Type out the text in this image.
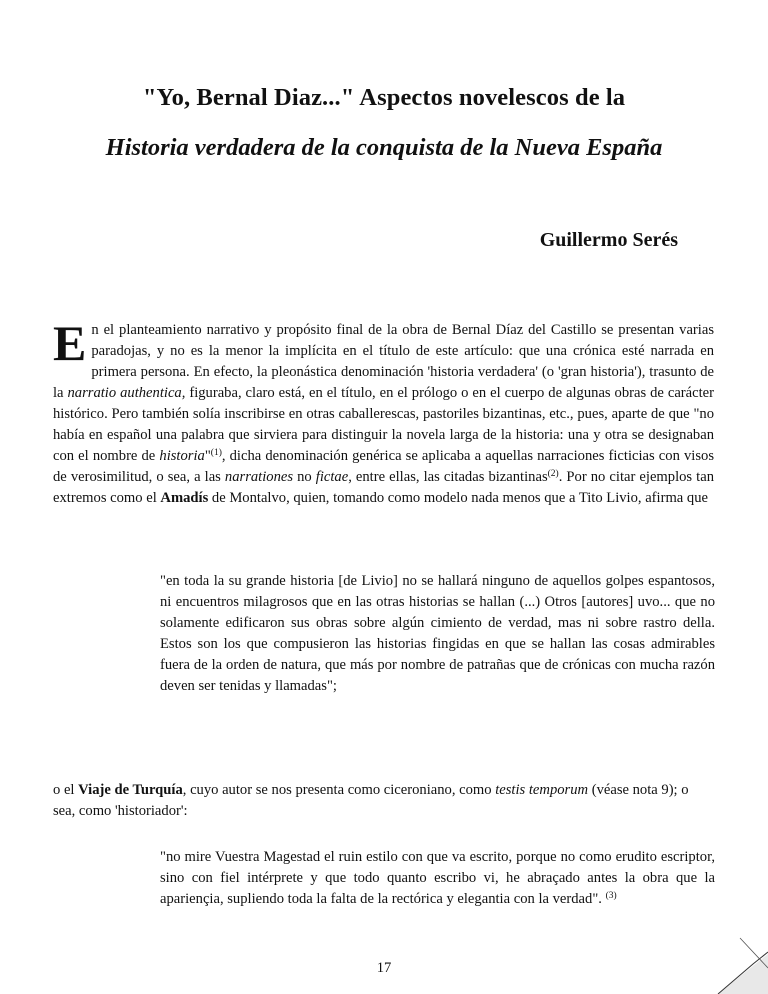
"Yo, Bernal Diaz..." Aspectos novelescos de la
Historia verdadera de la conquista de la Nueva España
Guillermo Serés

En el planteamiento narrativo y propósito final de la obra de Bernal Díaz del Castillo se presentan varias paradojas, y no es la menor la implícita en el título de este artículo: que una crónica esté narrada en primera persona. En efecto, la pleonástica denominación 'historia verdadera' (o 'gran historia'), trasunto de la narratio authentica, figuraba, claro está, en el título, en el prólogo o en el cuerpo de algunas obras de carácter histórico. Pero también solía inscribirse en otras caballerescas, pastoriles bizantinas, etc., pues, aparte de que "no había en español una palabra que sirviera para distinguir la novela larga de la historia: una y otra se designaban con el nombre de historia"$^{(1)}$, dicha denominación genérica se aplicaba a aquellas narraciones ficticias con visos de verosimilitud, o sea, a las narrationes no fictae, entre ellas, las citadas bizantinas$^{(2)}$. Por no citar ejemplos tan extremos como el Amadís de Montalvo, quien, tomando como modelo nada menos que a Tito Livio, afirma que

"en toda la su grande historia [de Livio] no se hallará ninguno de aquellos golpes espantosos, ni encuentros milagrosos que en las otras historias se hallan (...) Otros [autores] uvo... que no solamente edificaron sus obras sobre algún cimiento de verdad, mas ni sobre rastro della. Estos son los que compusieron las historias fingidas en que se hallan las cosas admirables fuera de la orden de natura, que más por nombre de patrañas que de crónicas con mucha razón deven ser tenidas y llamadas";

o el Viaje de Turquía, cuyo autor se nos presenta como ciceroniano, como testis temporum (véase nota 9); o sea, como 'historiador':

"no mire Vuestra Magestad el ruin estilo con que va escrito, porque no como erudito escriptor, sino con fiel intérprete y que todo quanto escribo vi, he abraçado antes la obra que la apariençia, supliendo toda la falta de la rectórica y elegantia con la verdad". $^{(3)}$

17
